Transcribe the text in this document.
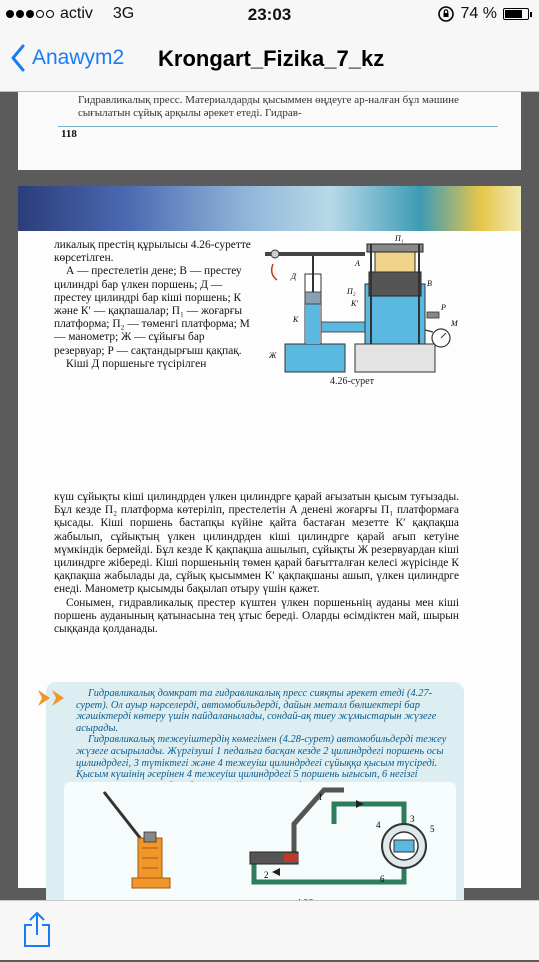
activ 3G	23:03	74 %
Anawym2 Krongart_Fizika_7_kz
Гидравликалық пресс. Материалдарды қысыммен өңдеуге ар-налған бұл мәшине сығылатын сұйық арқылы әрекет етеді. Гидрав-
118

ликалық престің құрылысы 4.26-суретте көрсетілген.

А — престелетін дене; В — престеу цилиндрі бар үлкен поршень; Д — престеу цилиндрі бар кіші поршень; К және К′ — қақпашалар; П₁ — жоғарғы платформа; П₂ — төменгі платформа; М — манометр; Ж — сұйығы бар резервуар; Р — сақтандырғыш қақпақ.

Кіші Д поршеньге түсірілген

П₁
А
В
Д
П₂
К
К′	Р
М
Ж
4.26-сурет

күш сұйықты кіші цилиндрден үлкен цилиндрге қарай ағызатын қысым туғызады. Бұл кезде П₂ платформа көтеріліп, престелетін А денені жоғарғы П₁ платформаға қысады. Кіші поршень бастапқы күйіне қайта бастаған мезетте К′ қақпақша жабылып, сұйықтың үлкен цилиндрден кіші цилиндрге қарай ағып кетуіне мүмкіндік бермейді. Бұл кезде К қақпақша ашылып, сұйықты Ж резервуардан кіші цилиндрге жібереді. Кіші поршеньнің төмен қарай бағытталған келесі жүрісінде К қақпақша жабылады да, сұйық қысыммен К′ қақпақшаны ашып, үлкен цилиндрге енеді. Манометр қысымды бақылап отыру үшін қажет.

Сонымен, гидравликалық престер күштен үлкен поршеньнің ауданы мен кіші поршень ауданының қатынасына тең ұтыс береді. Оларды өсімдіктен май, шырын сыққанда қолданады.

Гидравликалық домкрат та гидравликалық пресс сияқты әрекет етеді (4.27-сурет). Ол ауыр нәрселерді, автомобильдерді, дайын металл бөлшектері бар жәшіктерді көтеру үшін пайдаланылады, сондай-ақ тиеу жұмыстарын жүзеге асырады.

Гидравликалық тежеуіштердің көмегімен (4.28-сурет) автомобильдерді тежеу жүзеге асырылады. Жүргізуші 1 педальға басқан кезде 2 цилиндрдегі поршень осы цилиндрдегі, 3 түтіктегі және 4 тежеуіш цилиндрдегі сұйыққа қысым түсіреді. Қысым күшінің әсерінен 4 тежеуіш цилиндрдегі 5 поршень ығысып, 6 негізгі

1
2
3
4	5
6
